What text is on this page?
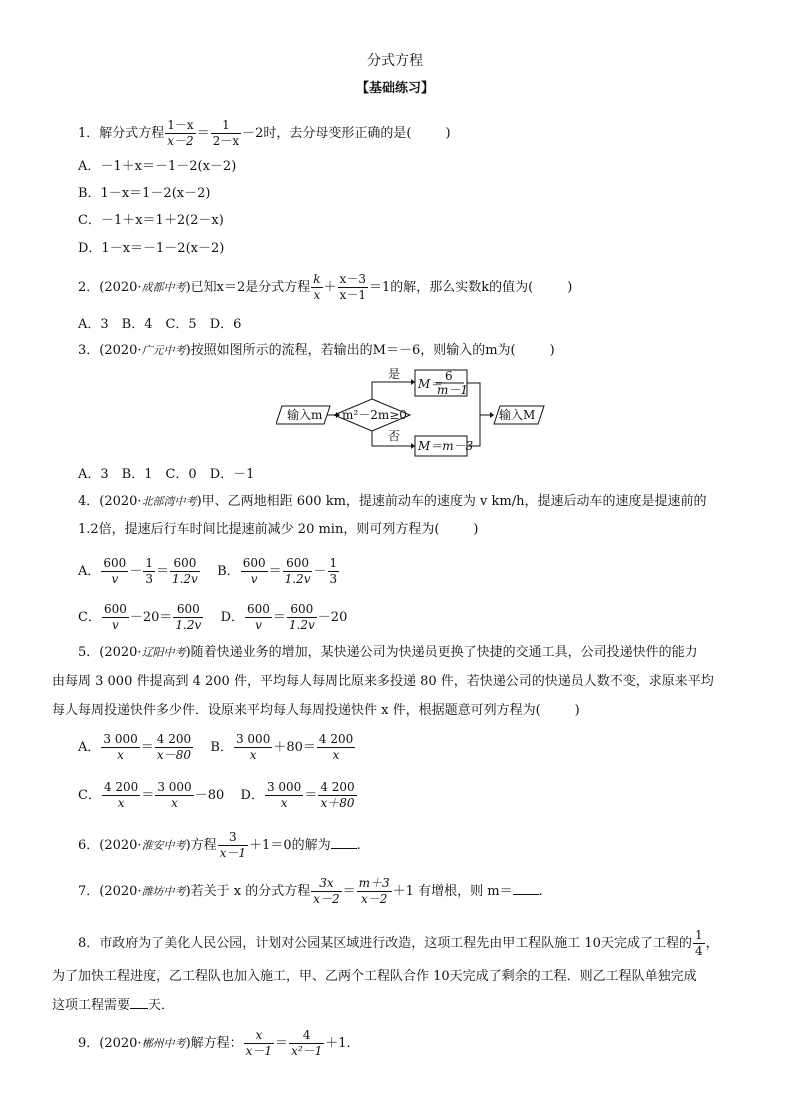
分式方程
【基础练习】
1．解分式方程 $\frac{1-x}{x-2} = \frac{1}{2-x} -2$时，去分母变形正确的是(	)
A．－1＋x＝－1－2(x－2)
B．1－x＝1－2(x－2)
C．－1＋x＝1＋2(2－x)
D．1－x＝－1－2(x－2)
2．(2020·成都中考)已知x＝2是分式方程 $\frac{k}{x} + \frac{x-3}{x-1} =1$的解，那么实数k的值为(	)
A．3　B．4　C．5　D．6
3．(2020·广元中考)按照如图所示的流程，若输出的M＝－6，则输入的m为(	)
输入m m²－2m≥0
是
M＝
6
m－1
否
M＝m－3
输入M
A．3　B．1　C．0　D．－1
4．(2020·北部湾中考)甲、乙两地相距 600 km，提速前动车的速度为 v km/h，提速后动车的速度是提速前的
1.2倍，提速后行车时间比提速前减少 20 min，则可列方程为(	)
A． $\frac{600}{v} - \frac{1}{3} = \frac{600}{1.2v}$ B． $\frac{600}{v} = \frac{600}{1.2v} - \frac{1}{3}$
C． $\frac{600}{v} -20= \frac{600}{1.2v}$ D． $\frac{600}{v} = \frac{600}{1.2v} -20$
5．(2020·辽阳中考)随着快递业务的增加，某快递公司为快递员更换了快捷的交通工具，公司投递快件的能力
由每周 3 000 件提高到 4 200 件，平均每人每周比原来多投递 80 件，若快递公司的快递员人数不变，求原来平均
每人每周投递快件多少件．设原来平均每人每周投递快件 x 件，根据题意可列方程为(	)
A． $\frac{3 000}{x} = \frac{4 200}{x-80}$ B． $\frac{3 000}{x} +80= \frac{4 200}{x}$
C． $\frac{4 200}{x} = \frac{3 000}{x} -80$ D． $\frac{3 000}{x} = \frac{4 200}{x+80}$
6．(2020·淮安中考)方程 $\frac{3}{x-1} +1=0$的解为 .
7．(2020·潍坊中考)若关于 x 的分式方程 $\frac{3x}{x-2} = \frac{m+3}{x-2} +1$ 有增根，则 m＝ .
8．市政府为了美化人民公园，计划对公园某区域进行改造，这项工程先由甲工程队施工 10天完成了工程的 $\frac{1}{4}$ ，
为了加快工程进度，乙工程队也加入施工，甲、乙两个工程队合作 10天完成了剩余的工程．则乙工程队单独完成
这项工程需要 天．
9．(2020·郴州中考)解方程： $\frac{x}{x-1} = \frac{4}{\text{x²－1}} +1$.
